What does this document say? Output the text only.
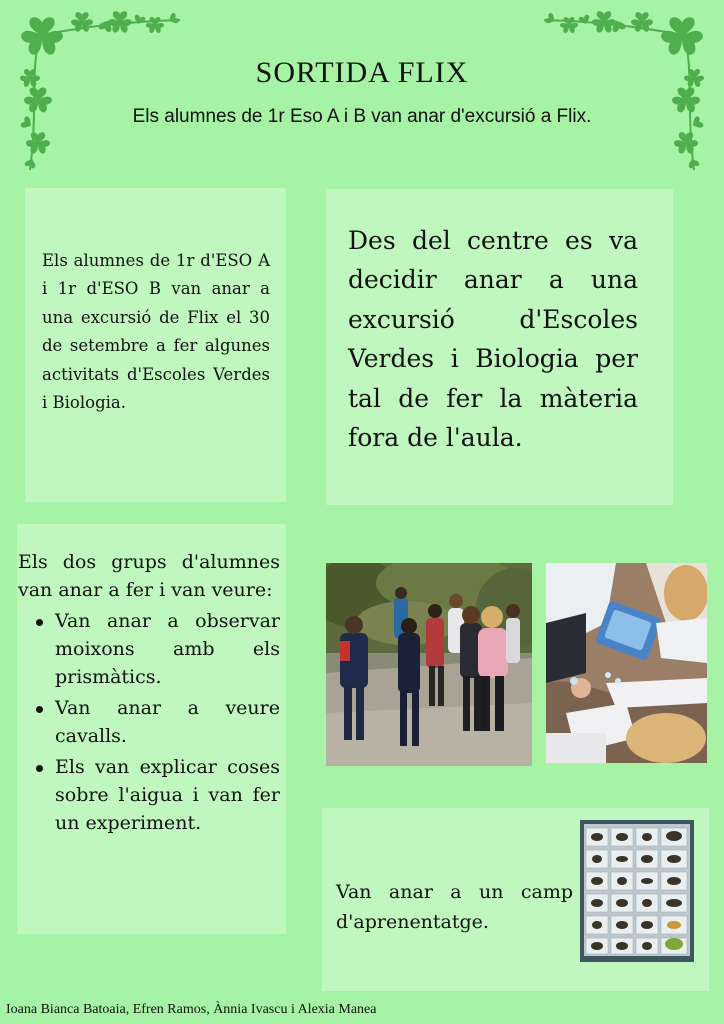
SORTIDA FLIX
Els alumnes de 1r Eso A i B van anar d'excursió a Flix.
Els alumnes de 1r d'ESO A i 1r d'ESO B van anar a una excursió de Flix el 30 de setembre a fer algunes activitats d'Escoles Verdes i Biologia.
Des del centre es va decidir anar a una excursió d'Escoles Verdes i Biologia per tal de fer la màteria fora de l'aula.
Els dos grups d'alumnes van anar a fer i van veure:
Van anar a observar moixons amb els prismàtics.
Van anar a veure cavalls.
Els van explicar coses sobre l'aigua i van fer un experiment.
Van anar a un camp d'aprenentatge.
Ioana Bianca Batoaia, Efren Ramos, Ànnia Ivascu i Alexia Manea
